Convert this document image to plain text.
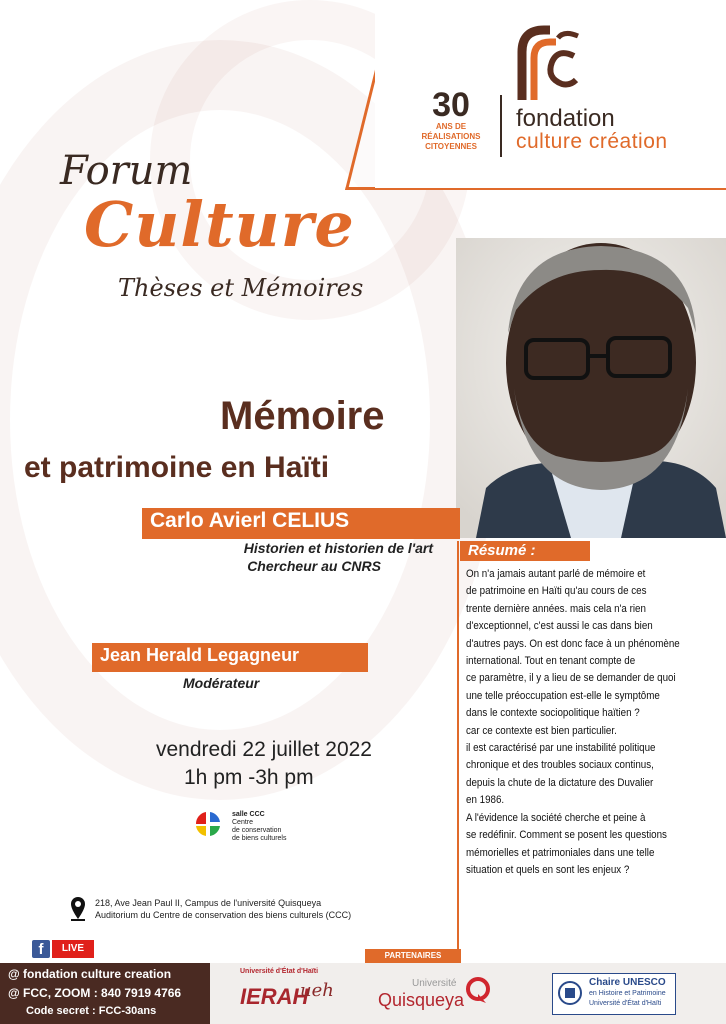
30
ANS DE RÉALISATIONS
CITOYENNES
fondation
culture création
Forum
Culture
Thèses et Mémoires
Mémoire
et patrimoine en Haïti
Carlo Avierl CELIUS
Historien et historien de l'art
Chercheur au CNRS
Jean Herald Legagneur
Modérateur
vendredi 22 juillet 2022
1h pm -3h pm
salle CCC
Centre
de conservation
de biens culturels
218, Ave Jean Paul II, Campus de l'université Quisqueya
Auditorium du Centre de conservation des biens culturels (CCC)
f	LIVE
Résumé :
On n'a jamais autant parlé de mémoire et
de patrimoine en Haïti qu'au cours de ces
trente dernière années. mais cela n'a rien
d'exceptionnel, c'est aussi le cas dans bien
d'autres pays. On est donc face à un phénomène
international. Tout en tenant compte de
ce paramètre, il y a lieu de se demander de quoi
une telle préoccupation est-elle le symptôme
dans le contexte sociopolitique haïtien ?
car ce contexte est bien particulier.
il est caractérisé par une instabilité politique
chronique et des troubles sociaux continus,
depuis la chute de la dictature des Duvalier
en 1986.
A l'évidence la société cherche et peine à
se redéfinir. Comment se posent les questions
mémorielles et patrimoniales dans une telle
situation et quels en sont les enjeux ?
PARTENAIRES
@ fondation culture creation
@ FCC, ZOOM : 840 7919 4766
Code secret : FCC-30ans
Université d'État d'Haïti
IERAH
ueh	Université
Quisqueya
Chaire UNESCO
en Histoire et Patrimoine
Université d'État d'Haïti
